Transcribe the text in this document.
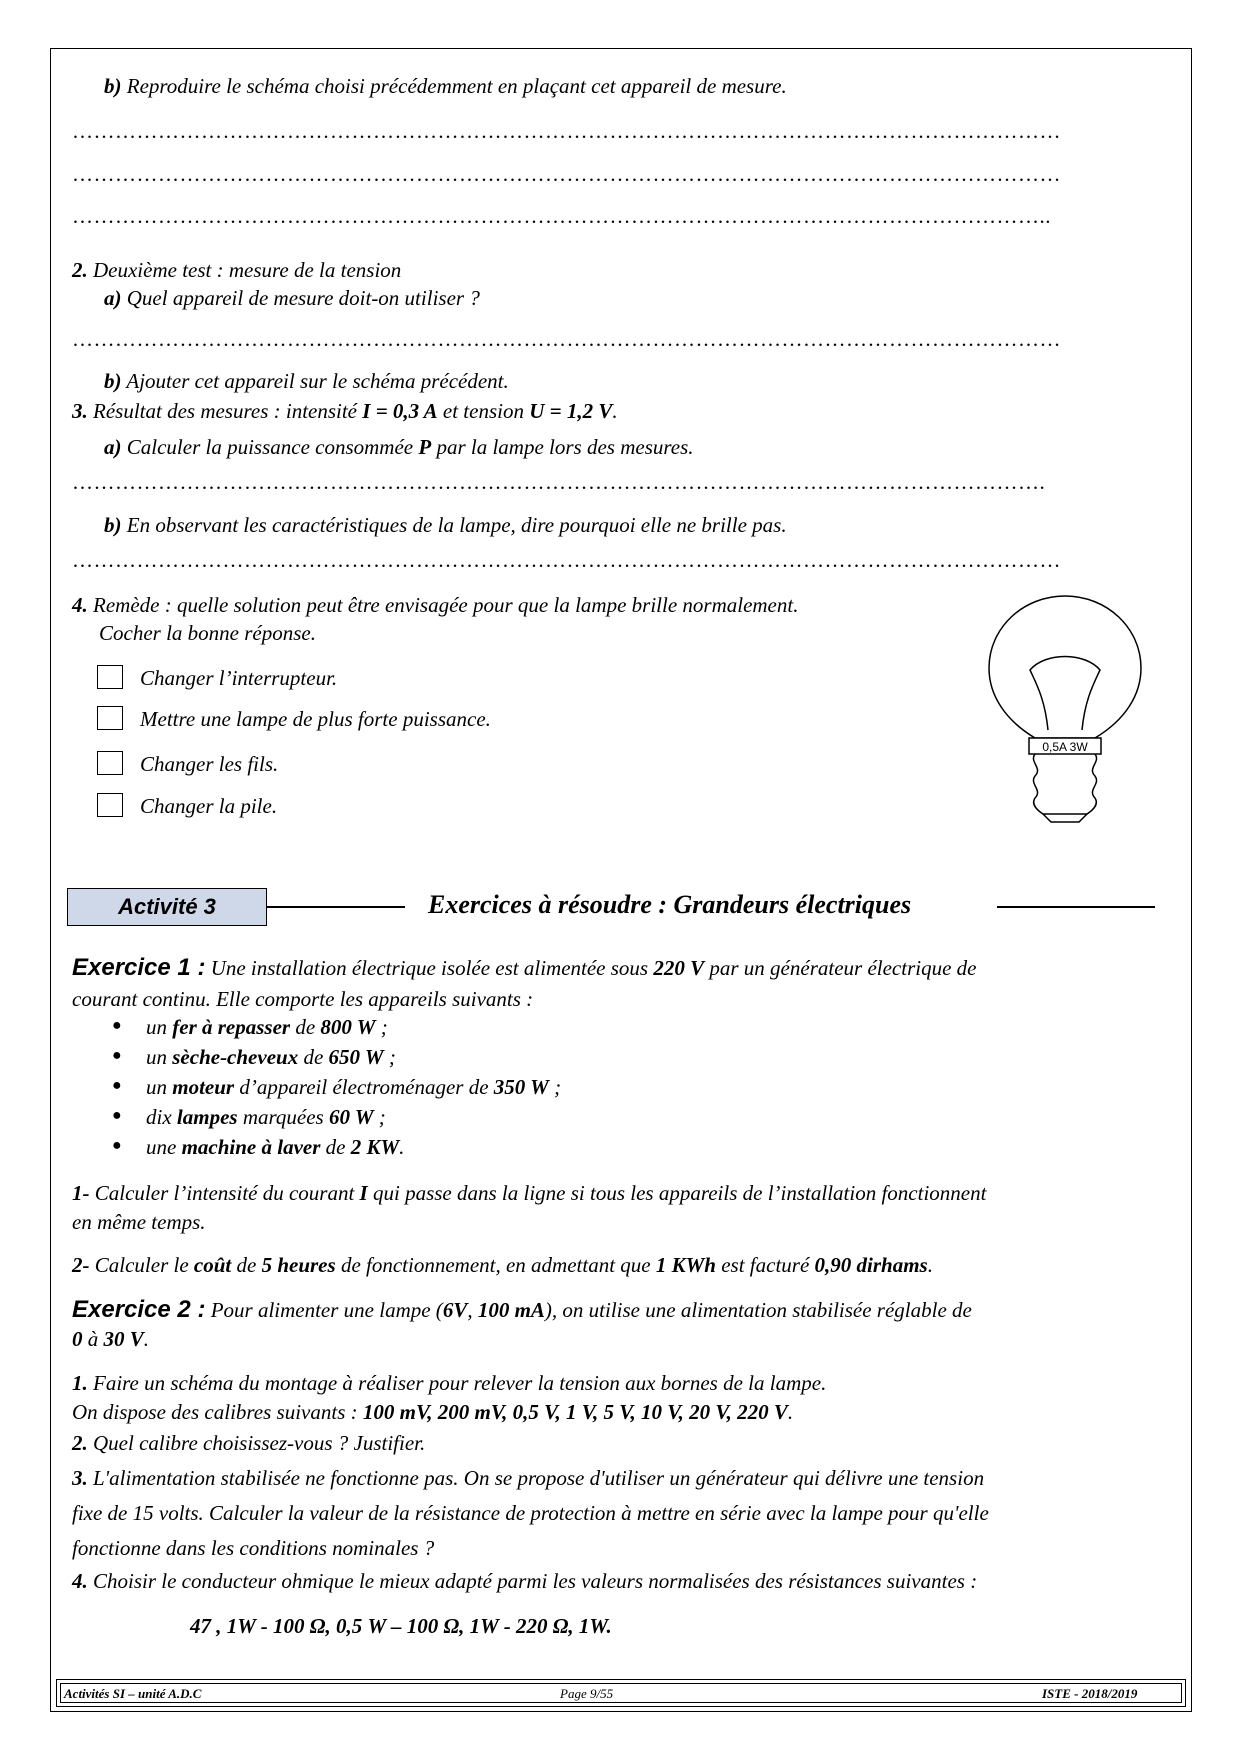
b) Reproduire le schéma choisi précédemment en plaçant cet appareil de mesure.
…………………………………………………………………………………………………………………………
…………………………………………………………………………………………………………………………
………………………………………………………………………………………………………………………..
2. Deuxième test : mesure de la tension
a) Quel appareil de mesure doit-on utiliser ?
…………………………………………………………………………………………………………………………
b) Ajouter cet appareil sur le schéma précédent.
3. Résultat des mesures : intensité I = 0,3 A et tension U = 1,2 V.
a) Calculer la puissance consommée P par la lampe lors des mesures.
……………………………………………………………………………………………………………………….
b) En observant les caractéristiques de la lampe, dire pourquoi elle ne brille pas.
…………………………………………………………………………………………………………………………
4. Remède : quelle solution peut être envisagée pour que la lampe brille normalement.
Cocher la bonne réponse.
Changer l’interrupteur.
Mettre une lampe de plus forte puissance.
Changer les fils.
Changer la pile.
0,5A 3W
Activité 3	Exercices à résoudre : Grandeurs électriques
Exercice 1 : Une installation électrique isolée est alimentée sous 220 V par un générateur électrique de
courant continu. Elle comporte les appareils suivants :
● un fer à repasser de 800 W ;
● un sèche-cheveux de 650 W ;
● un moteur d’appareil électroménager de 350 W ;
● dix lampes marquées 60 W ;
● une machine à laver de 2 KW.
1- Calculer l’intensité du courant I qui passe dans la ligne si tous les appareils de l’installation fonctionnent
en même temps.
2- Calculer le coût de 5 heures de fonctionnement, en admettant que 1 KWh est facturé 0,90 dirhams.
Exercice 2 : Pour alimenter une lampe (6V, 100 mA), on utilise une alimentation stabilisée réglable de
0 à 30 V.
1. Faire un schéma du montage à réaliser pour relever la tension aux bornes de la lampe.
On dispose des calibres suivants : 100 mV, 200 mV, 0,5 V, 1 V, 5 V, 10 V, 20 V, 220 V.
2. Quel calibre choisissez-vous ? Justifier.
3. L'alimentation stabilisée ne fonctionne pas. On se propose d'utiliser un générateur qui délivre une tension
fixe de 15 volts. Calculer la valeur de la résistance de protection à mettre en série avec la lampe pour qu'elle
fonctionne dans les conditions nominales ?
4. Choisir le conducteur ohmique le mieux adapté parmi les valeurs normalisées des résistances suivantes :
47 , 1W - 100 Ω, 0,5 W – 100 Ω, 1W - 220 Ω, 1W.
Activités SI – unité A.D.C	Page 9/55	ISTE - 2018/2019
